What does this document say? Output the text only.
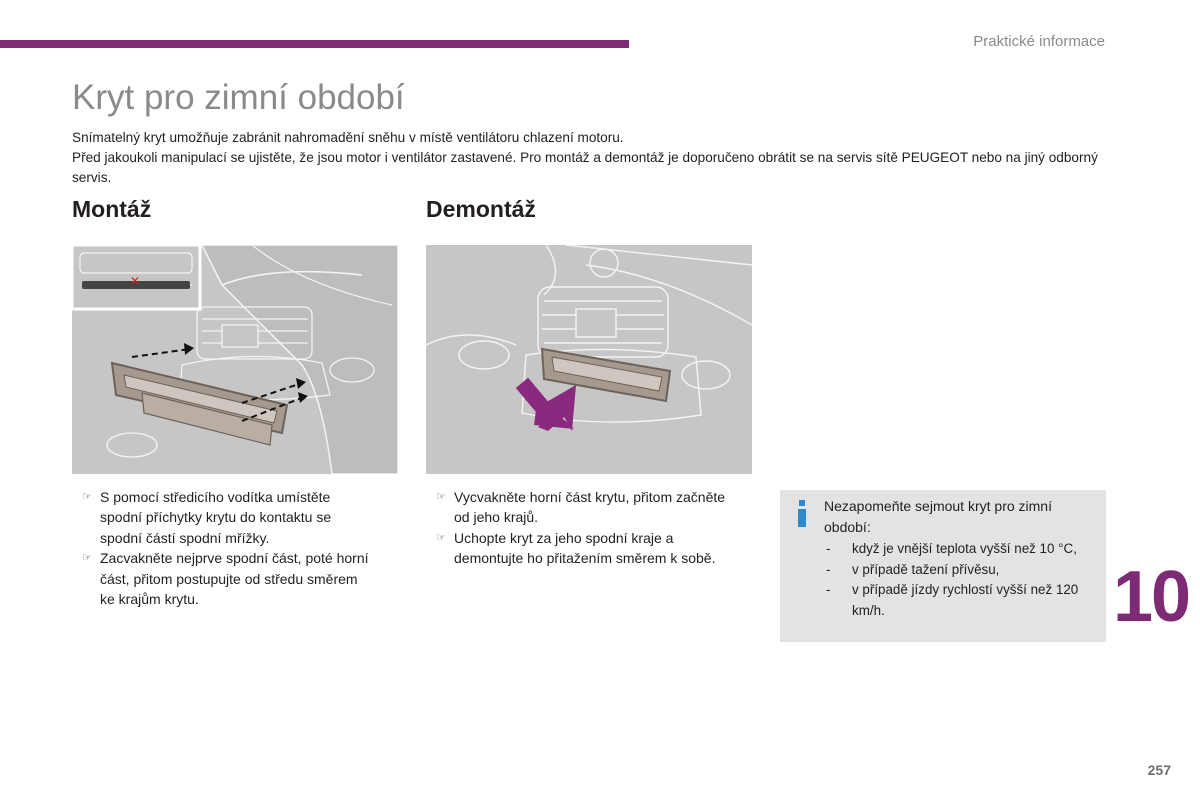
Praktické informace
Kryt pro zimní období

Snímatelný kryt umožňuje zabránit nahromadění sněhu v místě ventilátoru chlazení motoru.

Před jakoukoli manipulací se ujistěte, že jsou motor i ventilátor zastavené. Pro montáž a demontáž je doporučeno obrátit se na servis sítě PEUGEOT nebo na jiný odborný servis.

Montáž
✕
☞ S pomocí středicího vodítka umístěte spodní příchytky krytu do kontaktu se spodní částí spodní mřížky.
☞ Zacvakněte nejprve spodní část, poté horní část, přitom postupujte od středu směrem ke krajům krytu.
Demontáž
☞ Vycvakněte horní část krytu, přitom začněte od jeho krajů.
☞ Uchopte kryt za jeho spodní kraje a demontujte ho přitažením směrem k sobě.
Nezapomeňte sejmout kryt pro zimní období:
- když je vnější teplota vyšší než 10 °C,
- v případě tažení přívěsu,
- v případě jízdy rychlostí vyšší než 120 km/h.	10
257
